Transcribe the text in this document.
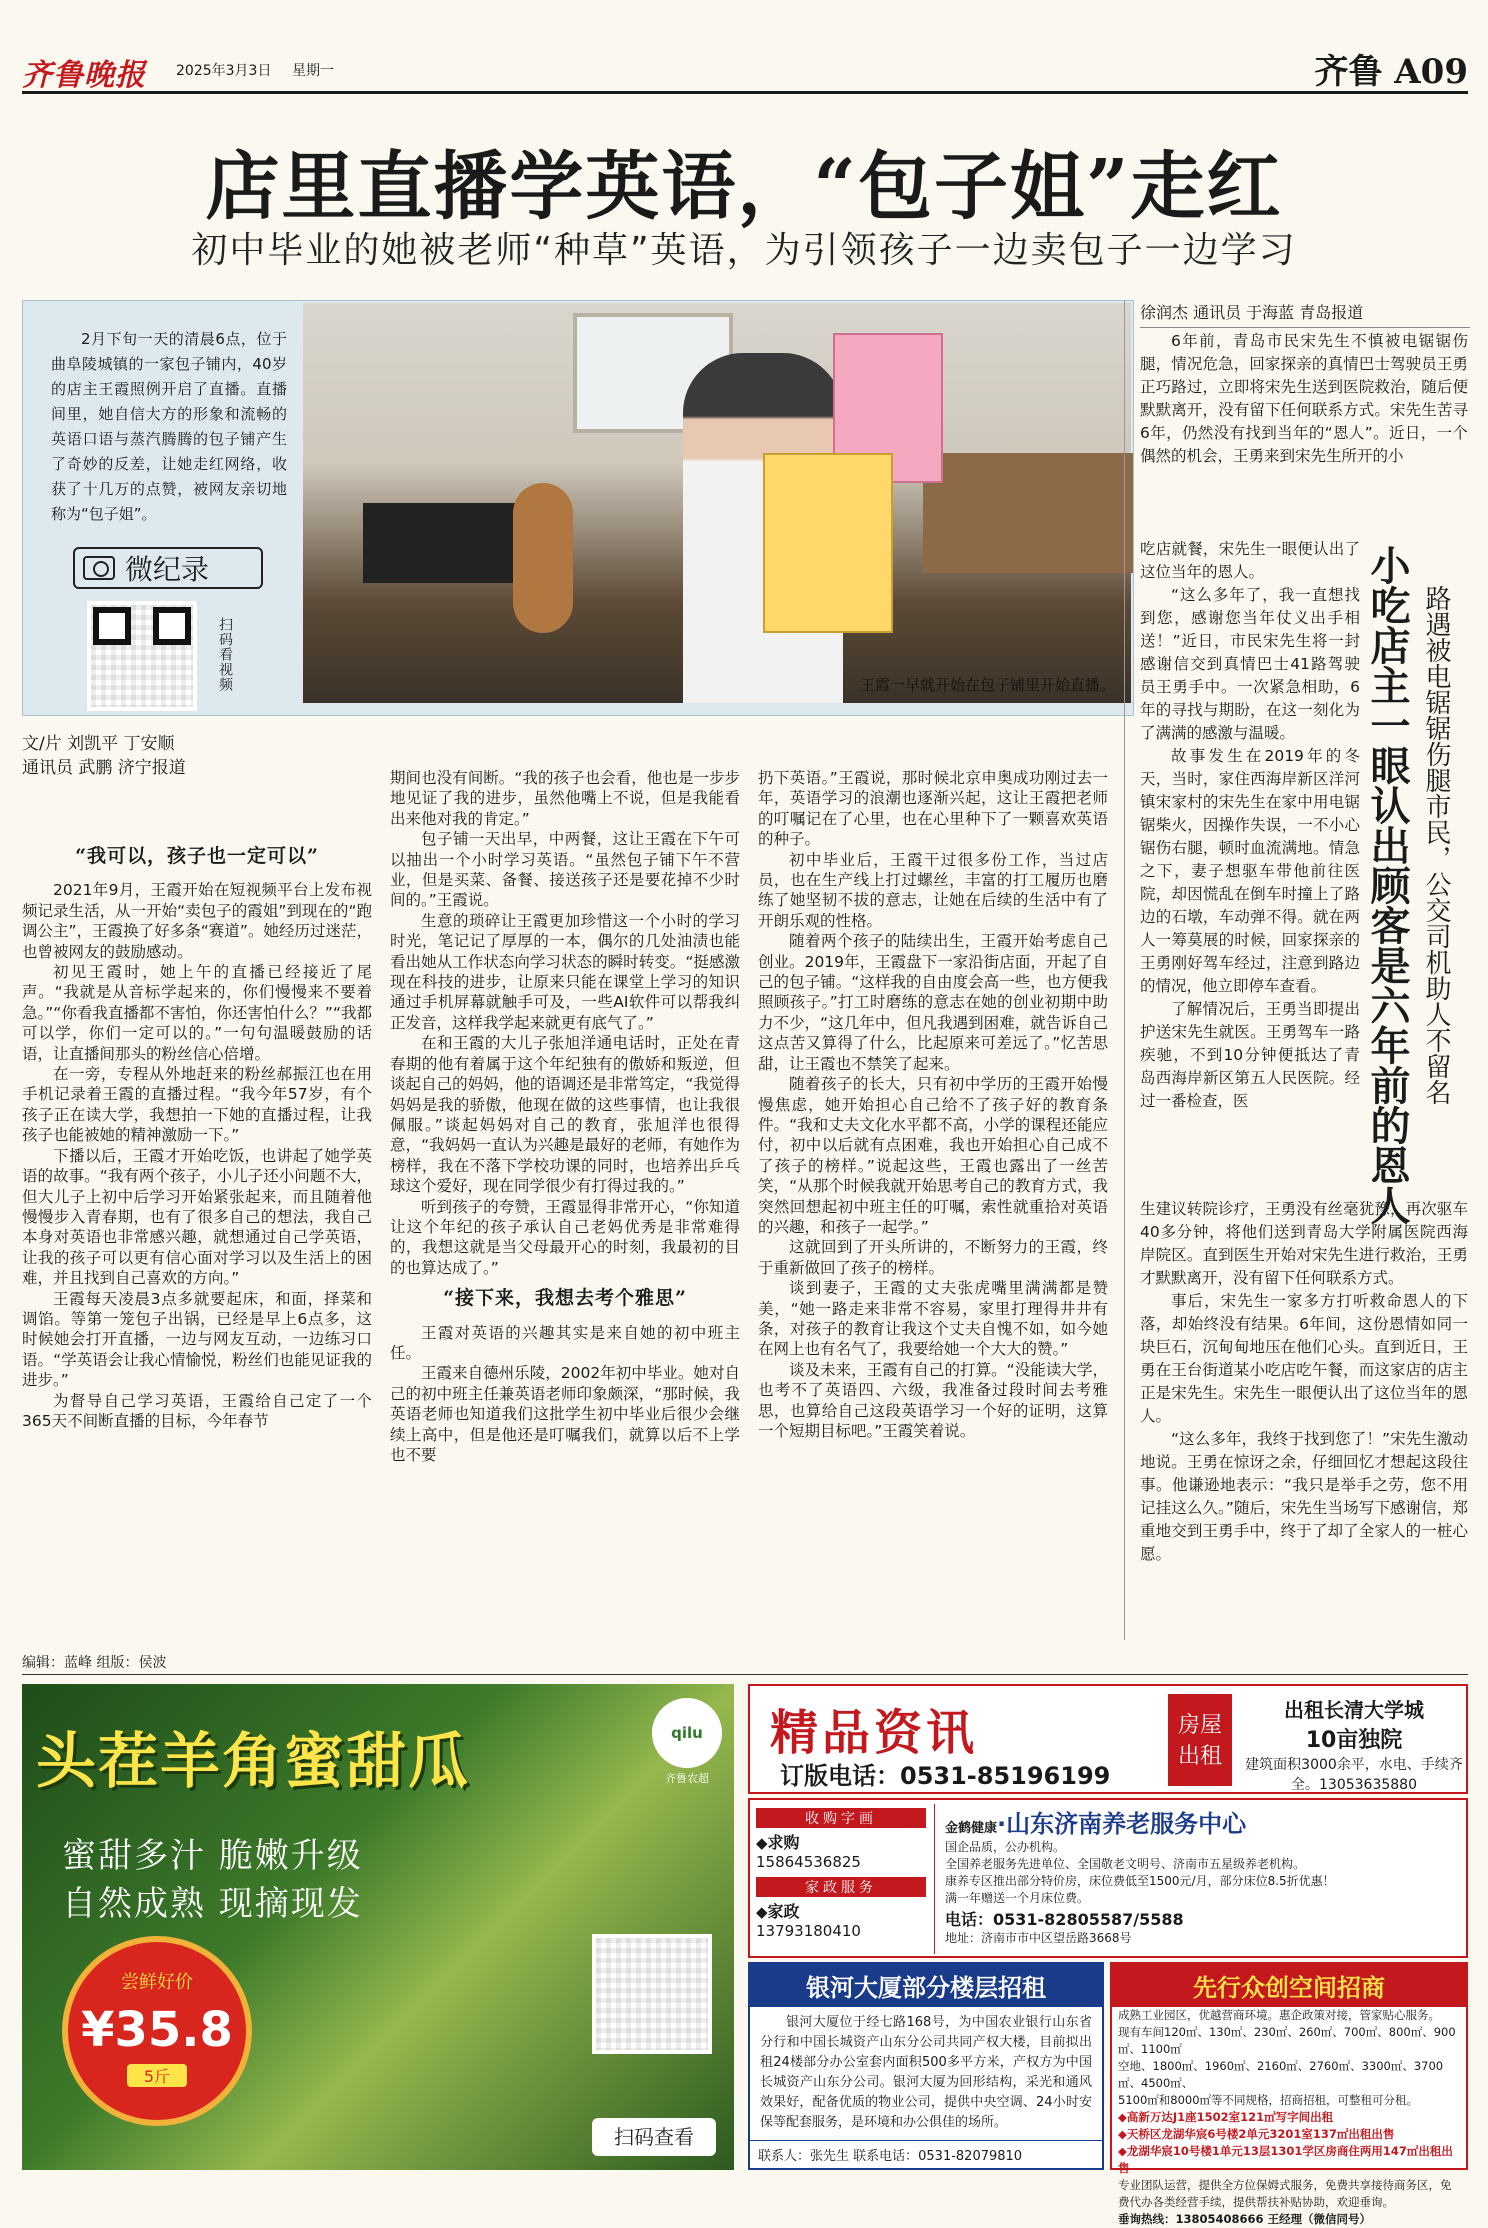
齐鲁晚报 2025年3月3日 星期一	齐鲁 A09
店里直播学英语，“包子姐”走红
初中毕业的她被老师“种草”英语，为引领孩子一边卖包子一边学习
2月下旬一天的清晨6点，位于曲阜陵城镇的一家包子铺内，40岁的店主王霞照例开启了直播。直播间里，她自信大方的形象和流畅的英语口语与蒸汽腾腾的包子铺产生了奇妙的反差，让她走红网络，收获了十几万的点赞，被网友亲切地称为“包子姐”。
微纪录
扫码看视频	王霞一早就开始在包子铺里开始直播。
文/片 刘凯平 丁安顺
通讯员 武鹏 济宁报道

“我可以，孩子也一定可以”

2021年9月，王霞开始在短视频平台上发布视频记录生活，从一开始“卖包子的霞姐”到现在的“跑调公主”，王霞换了好多条“赛道”。她经历过迷茫，也曾被网友的鼓励感动。

初见王霞时，她上午的直播已经接近了尾声。“我就是从音标学起来的，你们慢慢来不要着急。”“你看我直播都不害怕，你还害怕什么？”“我都可以学，你们一定可以的。”一句句温暖鼓励的话语，让直播间那头的粉丝信心倍增。

在一旁，专程从外地赶来的粉丝郝振江也在用手机记录着王霞的直播过程。“我今年57岁，有个孩子正在读大学，我想拍一下她的直播过程，让我孩子也能被她的精神激励一下。”

下播以后，王霞才开始吃饭，也讲起了她学英语的故事。“我有两个孩子，小儿子还小问题不大，但大儿子上初中后学习开始紧张起来，而且随着他慢慢步入青春期，也有了很多自己的想法，我自己本身对英语也非常感兴趣，就想通过自己学英语，让我的孩子可以更有信心面对学习以及生活上的困难，并且找到自己喜欢的方向。”

王霞每天凌晨3点多就要起床，和面，择菜和调馅。等第一笼包子出锅，已经是早上6点多，这时候她会打开直播，一边与网友互动，一边练习口语。“学英语会让我心情愉悦，粉丝们也能见证我的进步。”

为督导自己学习英语，王霞给自己定了一个365天不间断直播的目标，今年春节

期间也没有间断。“我的孩子也会看，他也是一步步地见证了我的进步，虽然他嘴上不说，但是我能看出来他对我的肯定。”

包子铺一天出早，中两餐，这让王霞在下午可以抽出一个小时学习英语。“虽然包子铺下午不营业，但是买菜、备餐、接送孩子还是要花掉不少时间的。”王霞说。

生意的琐碎让王霞更加珍惜这一个小时的学习时光，笔记记了厚厚的一本，偶尔的几处油渍也能看出她从工作状态向学习状态的瞬时转变。“挺感激现在科技的进步，让原来只能在课堂上学习的知识通过手机屏幕就触手可及，一些AI软件可以帮我纠正发音，这样我学起来就更有底气了。”

在和王霞的大儿子张旭洋通电话时，正处在青春期的他有着属于这个年纪独有的傲娇和叛逆，但谈起自己的妈妈，他的语调还是非常笃定，“我觉得妈妈是我的骄傲，他现在做的这些事情，也让我很佩服。”谈起妈妈对自己的教育，张旭洋也很得意，“我妈妈一直认为兴趣是最好的老师，有她作为榜样，我在不落下学校功课的同时，也培养出乒乓球这个爱好，现在同学很少有打得过我的。”

听到孩子的夸赞，王霞显得非常开心，“你知道让这个年纪的孩子承认自己老妈优秀是非常难得的，我想这就是当父母最开心的时刻，我最初的目的也算达成了。”

“接下来，我想去考个雅思”

王霞对英语的兴趣其实是来自她的初中班主任。

王霞来自德州乐陵，2002年初中毕业。她对自己的初中班主任兼英语老师印象颇深，“那时候，我英语老师也知道我们这批学生初中毕业后很少会继续上高中，但是他还是叮嘱我们，就算以后不上学也不要

扔下英语。”王霞说，那时候北京申奥成功刚过去一年，英语学习的浪潮也逐渐兴起，这让王霞把老师的叮嘱记在了心里，也在心里种下了一颗喜欢英语的种子。

初中毕业后，王霞干过很多份工作，当过店员，也在生产线上打过螺丝，丰富的打工履历也磨练了她坚韧不拔的意志，让她在后续的生活中有了开朗乐观的性格。

随着两个孩子的陆续出生，王霞开始考虑自己创业。2019年，王霞盘下一家沿街店面，开起了自己的包子铺。“这样我的自由度会高一些，也方便我照顾孩子。”打工时磨练的意志在她的创业初期中助力不少，“这几年中，但凡我遇到困难，就告诉自己这点苦又算得了什么，比起原来可差远了。”忆苦思甜，让王霞也不禁笑了起来。

随着孩子的长大，只有初中学历的王霞开始慢慢焦虑，她开始担心自己给不了孩子好的教育条件。“我和丈夫文化水平都不高，小学的课程还能应付，初中以后就有点困难，我也开始担心自己成不了孩子的榜样。”说起这些，王霞也露出了一丝苦笑，“从那个时候我就开始思考自己的教育方式，我突然回想起初中班主任的叮嘱，索性就重拾对英语的兴趣，和孩子一起学。”

这就回到了开头所讲的，不断努力的王霞，终于重新做回了孩子的榜样。

谈到妻子，王霞的丈夫张虎嘴里满满都是赞美，“她一路走来非常不容易，家里打理得井井有条，对孩子的教育让我这个丈夫自愧不如，如今她在网上也有名气了，我要给她一个大大的赞。”

谈及未来，王霞有自己的打算。“没能读大学，也考不了英语四、六级，我准备过段时间去考雅思，也算给自己这段英语学习一个好的证明，这算一个短期目标吧。”王霞笑着说。

徐润杰 通讯员 于海蓝 青岛报道

6年前，青岛市民宋先生不慎被电锯锯伤腿，情况危急，回家探亲的真情巴士驾驶员王勇正巧路过，立即将宋先生送到医院救治，随后便默默离开，没有留下任何联系方式。宋先生苦寻6年，仍然没有找到当年的“恩人”。近日，一个偶然的机会，王勇来到宋先生所开的小

吃店就餐，宋先生一眼便认出了这位当年的恩人。

“这么多年了，我一直想找到您，感谢您当年仗义出手相送！”近日，市民宋先生将一封感谢信交到真情巴士41路驾驶员王勇手中。一次紧急相助，6年的寻找与期盼，在这一刻化为了满满的感激与温暖。

故事发生在2019年的冬天，当时，家住西海岸新区洋河镇宋家村的宋先生在家中用电锯锯柴火，因操作失误，一不小心锯伤右腿，顿时血流满地。情急之下，妻子想驱车带他前往医院，却因慌乱在倒车时撞上了路边的石墩，车动弹不得。就在两人一筹莫展的时候，回家探亲的王勇刚好驾车经过，注意到路边的情况，他立即停车查看。

了解情况后，王勇当即提出护送宋先生就医。王勇驾车一路疾驰，不到10分钟便抵达了青岛西海岸新区第五人民医院。经过一番检查，医	小吃店主一眼认出顾客是六年前的恩人 路遇被电锯锯伤腿市民，公交司机助人不留名

生建议转院诊疗，王勇没有丝毫犹豫，再次驱车40多分钟，将他们送到青岛大学附属医院西海岸院区。直到医生开始对宋先生进行救治，王勇才默默离开，没有留下任何联系方式。

事后，宋先生一家多方打听救命恩人的下落，却始终没有结果。6年间，这份恩情如同一块巨石，沉甸甸地压在他们心头。直到近日，王勇在王台街道某小吃店吃午餐，而这家店的店主正是宋先生。宋先生一眼便认出了这位当年的恩人。

“这么多年，我终于找到您了！”宋先生激动地说。王勇在惊讶之余，仔细回忆才想起这段往事。他谦逊地表示：“我只是举手之劳，您不用记挂这么久。”随后，宋先生当场写下感谢信，郑重地交到王勇手中，终于了却了全家人的一桩心愿。

编辑：蓝峰 组版：侯波
头茬羊角蜜甜瓜
蜜甜多汁 脆嫩升级
自然成熟 现摘现发
qilu
齐鲁农超
尝鲜好价
¥35.8
5斤
扫码查看
精品资讯
订版电话：0531-85196199
房屋出租
出租长清大学城
10亩独院
建筑面积3000余平，水电、手续齐全。13053635880
收购字画
◆求购
15864536825
家政服务
◆家政
13793180410
金鹤健康·山东济南养老服务中心
国企品质，公办机构。
全国养老服务先进单位、全国敬老文明号、济南市五星级养老机构。
康养专区推出部分特价房，床位费低至1500元/月，部分床位8.5折优惠！
满一年赠送一个月床位费。
电话：0531-82805587/5588
地址：济南市市中区望岳路3668号
银河大厦部分楼层招租
银河大厦位于经七路168号，为中国农业银行山东省分行和中国长城资产山东分公司共同产权大楼，目前拟出租24楼部分办公室套内面积500多平方米，产权方为中国长城资产山东分公司。银河大厦为回形结构，采光和通风效果好，配备优质的物业公司，提供中央空调、24小时安保等配套服务，是环境和办公俱佳的场所。
联系人：张先生 联系电话：0531-82079810
先行众创空间招商
成熟工业园区，优越营商环境。惠企政策对接，管家贴心服务。
现有车间120㎡、130㎡、230㎡、260㎡、700㎡、800㎡、900㎡、1100㎡
空地、1800㎡、1960㎡、2160㎡、2760㎡、3300㎡、3700㎡、4500㎡、
5100㎡和8000㎡等不同规格，招商招租，可整租可分租。
◆高新万达J1座1502室121㎡写字间出租
◆天桥区龙湖华宸6号楼2单元3201室137㎡出租出售
◆龙湖华宸10号楼1单元13层1301学区房商住两用147㎡出租出售
专业团队运营，提供全方位保姆式服务，免费共享接待商务区，免费代办各类经营手续，提供帮扶补贴协助，欢迎垂询。
垂询热线：13805408666 王经理（微信同号）
